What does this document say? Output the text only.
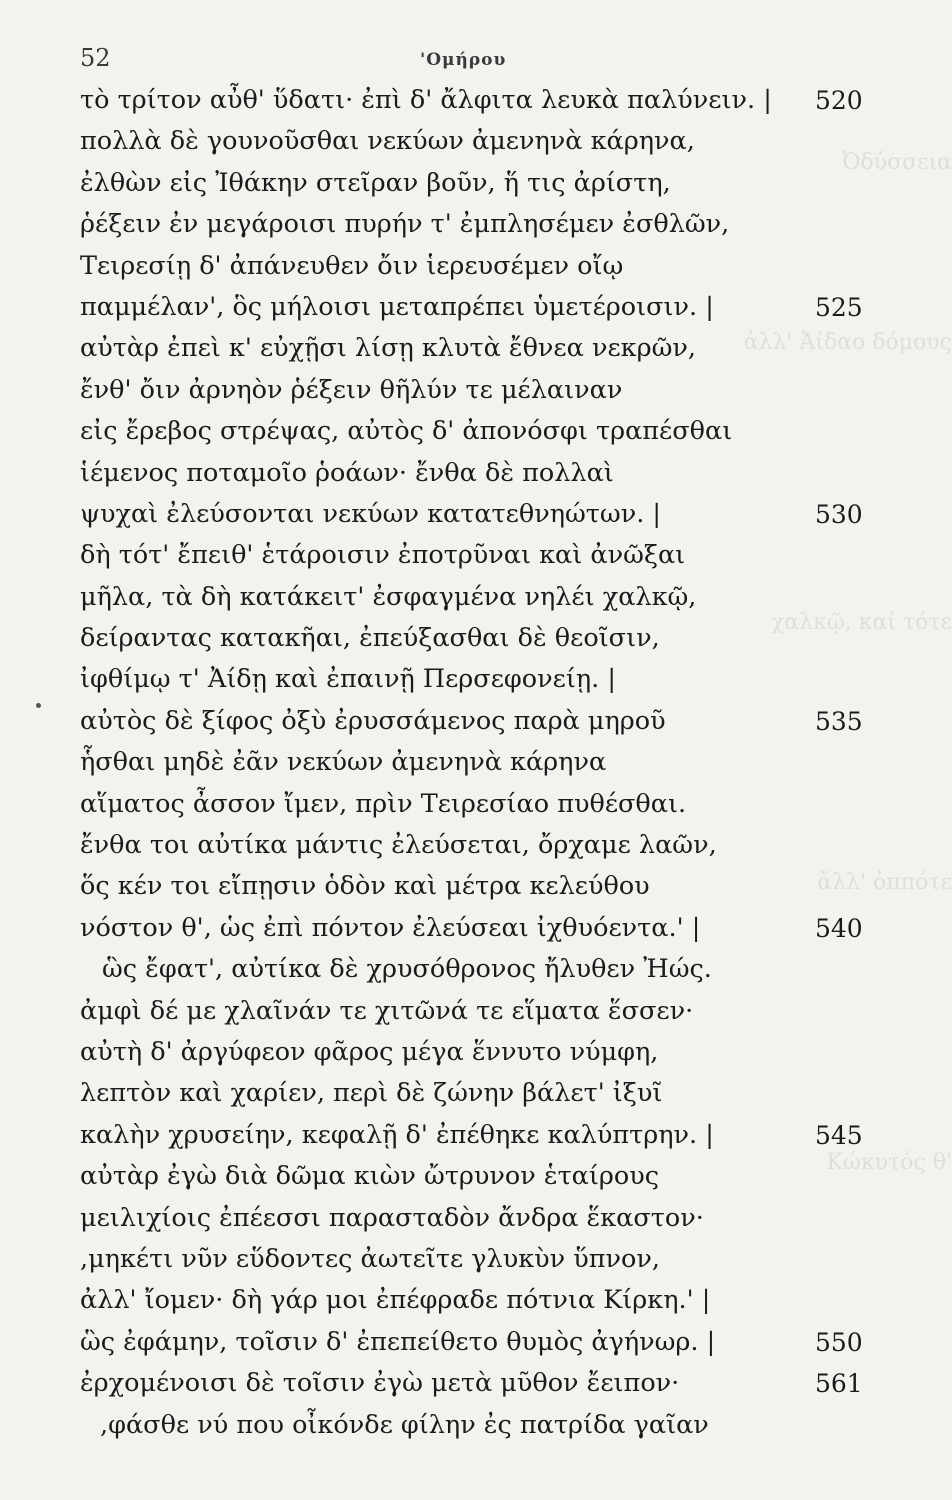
Ὀδύσσεια
ἀλλ' Ἀίδαο δόμους
χαλκῷ, καί τότε
ἄλλ' ὁππότε
Κώκυτός θ'
52	'Ομήρου
τὸ τρίτον αὖθ' ὕδατι· ἐπὶ δ' ἄλφιτα λευκὰ παλύνειν. | 520
πολλὰ δὲ γουνοῦσθαι νεκύων ἀμενηνὰ κάρηνα,
ἐλθὼν εἰς Ἰθάκην στεῖραν βοῦν, ἥ τις ἀρίστη,
ῥέξειν ἐν μεγάροισι πυρήν τ' ἐμπλησέμεν ἐσθλῶν,
Τειρεσίῃ δ' ἀπάνευθεν ὄιν ἱερευσέμεν οἴῳ
παμμέλαν', ὃς μήλοισι μεταπρέπει ὑμετέροισιν. |	525
αὐτὰρ ἐπεὶ κ' εὐχῇσι λίσῃ κλυτὰ ἔθνεα νεκρῶν,
ἔνθ' ὄιν ἀρνηὸν ῥέξειν θῆλύν τε μέλαιναν
εἰς ἔρεβος στρέψας, αὐτὸς δ' ἀπονόσφι τραπέσθαι
ἱέμενος ποταμοῖο ῥοάων· ἔνθα δὲ πολλαὶ
ψυχαὶ ἐλεύσονται νεκύων κατατεθνηώτων. |	530
δὴ τότ' ἔπειθ' ἑτάροισιν ἐποτρῦναι καὶ ἀνῶξαι
μῆλα, τὰ δὴ κατάκειτ' ἐσφαγμένα νηλέι χαλκῷ,
δείραντας κατακῆαι, ἐπεύξασθαι δὲ θεοῖσιν,
ἰφθίμῳ τ' Ἀίδῃ καὶ ἐπαινῇ Περσεφονείῃ. |
αὐτὸς δὲ ξίφος ὀξὺ ἐρυσσάμενος παρὰ μηροῦ	535
ἧσθαι μηδὲ ἐᾶν νεκύων ἀμενηνὰ κάρηνα
αἵματος ἆσσον ἴμεν, πρὶν Τειρεσίαο πυθέσθαι.
ἔνθα τοι αὐτίκα μάντις ἐλεύσεται, ὄρχαμε λαῶν,
ὅς κέν τοι εἴπῃσιν ὁδὸν καὶ μέτρα κελεύθου
νόστον θ', ὡς ἐπὶ πόντον ἐλεύσεαι ἰχθυόεντα.' |	540
ὣς ἔφατ', αὐτίκα δὲ χρυσόθρονος ἤλυθεν Ἠώς.
ἀμφὶ δέ με χλαῖνάν τε χιτῶνά τε εἵματα ἕσσεν·
αὐτὴ δ' ἀργύφεον φᾶρος μέγα ἕννυτο νύμφη,
λεπτὸν καὶ χαρίεν, περὶ δὲ ζώνην βάλετ' ἰξυῖ
καλὴν χρυσείην, κεφαλῇ δ' ἐπέθηκε καλύπτρην. |	545
αὐτὰρ ἐγὼ διὰ δῶμα κιὼν ὤτρυνον ἑταίρους
μειλιχίοις ἐπέεσσι παρασταδὸν ἄνδρα ἕκαστον·
,μηκέτι νῦν εὕδοντες ἀωτεῖτε γλυκὺν ὕπνον,
ἀλλ' ἴομεν· δὴ γάρ μοι ἐπέφραδε πότνια Κίρκη.' |
ὣς ἐφάμην, τοῖσιν δ' ἐπεπείθετο θυμὸς ἀγήνωρ. |	550
ἐρχομένοισι δὲ τοῖσιν ἐγὼ μετὰ μῦθον ἔειπον·	561
,φάσθε νύ που οἶκόνδε φίλην ἐς πατρίδα γαῖαν
